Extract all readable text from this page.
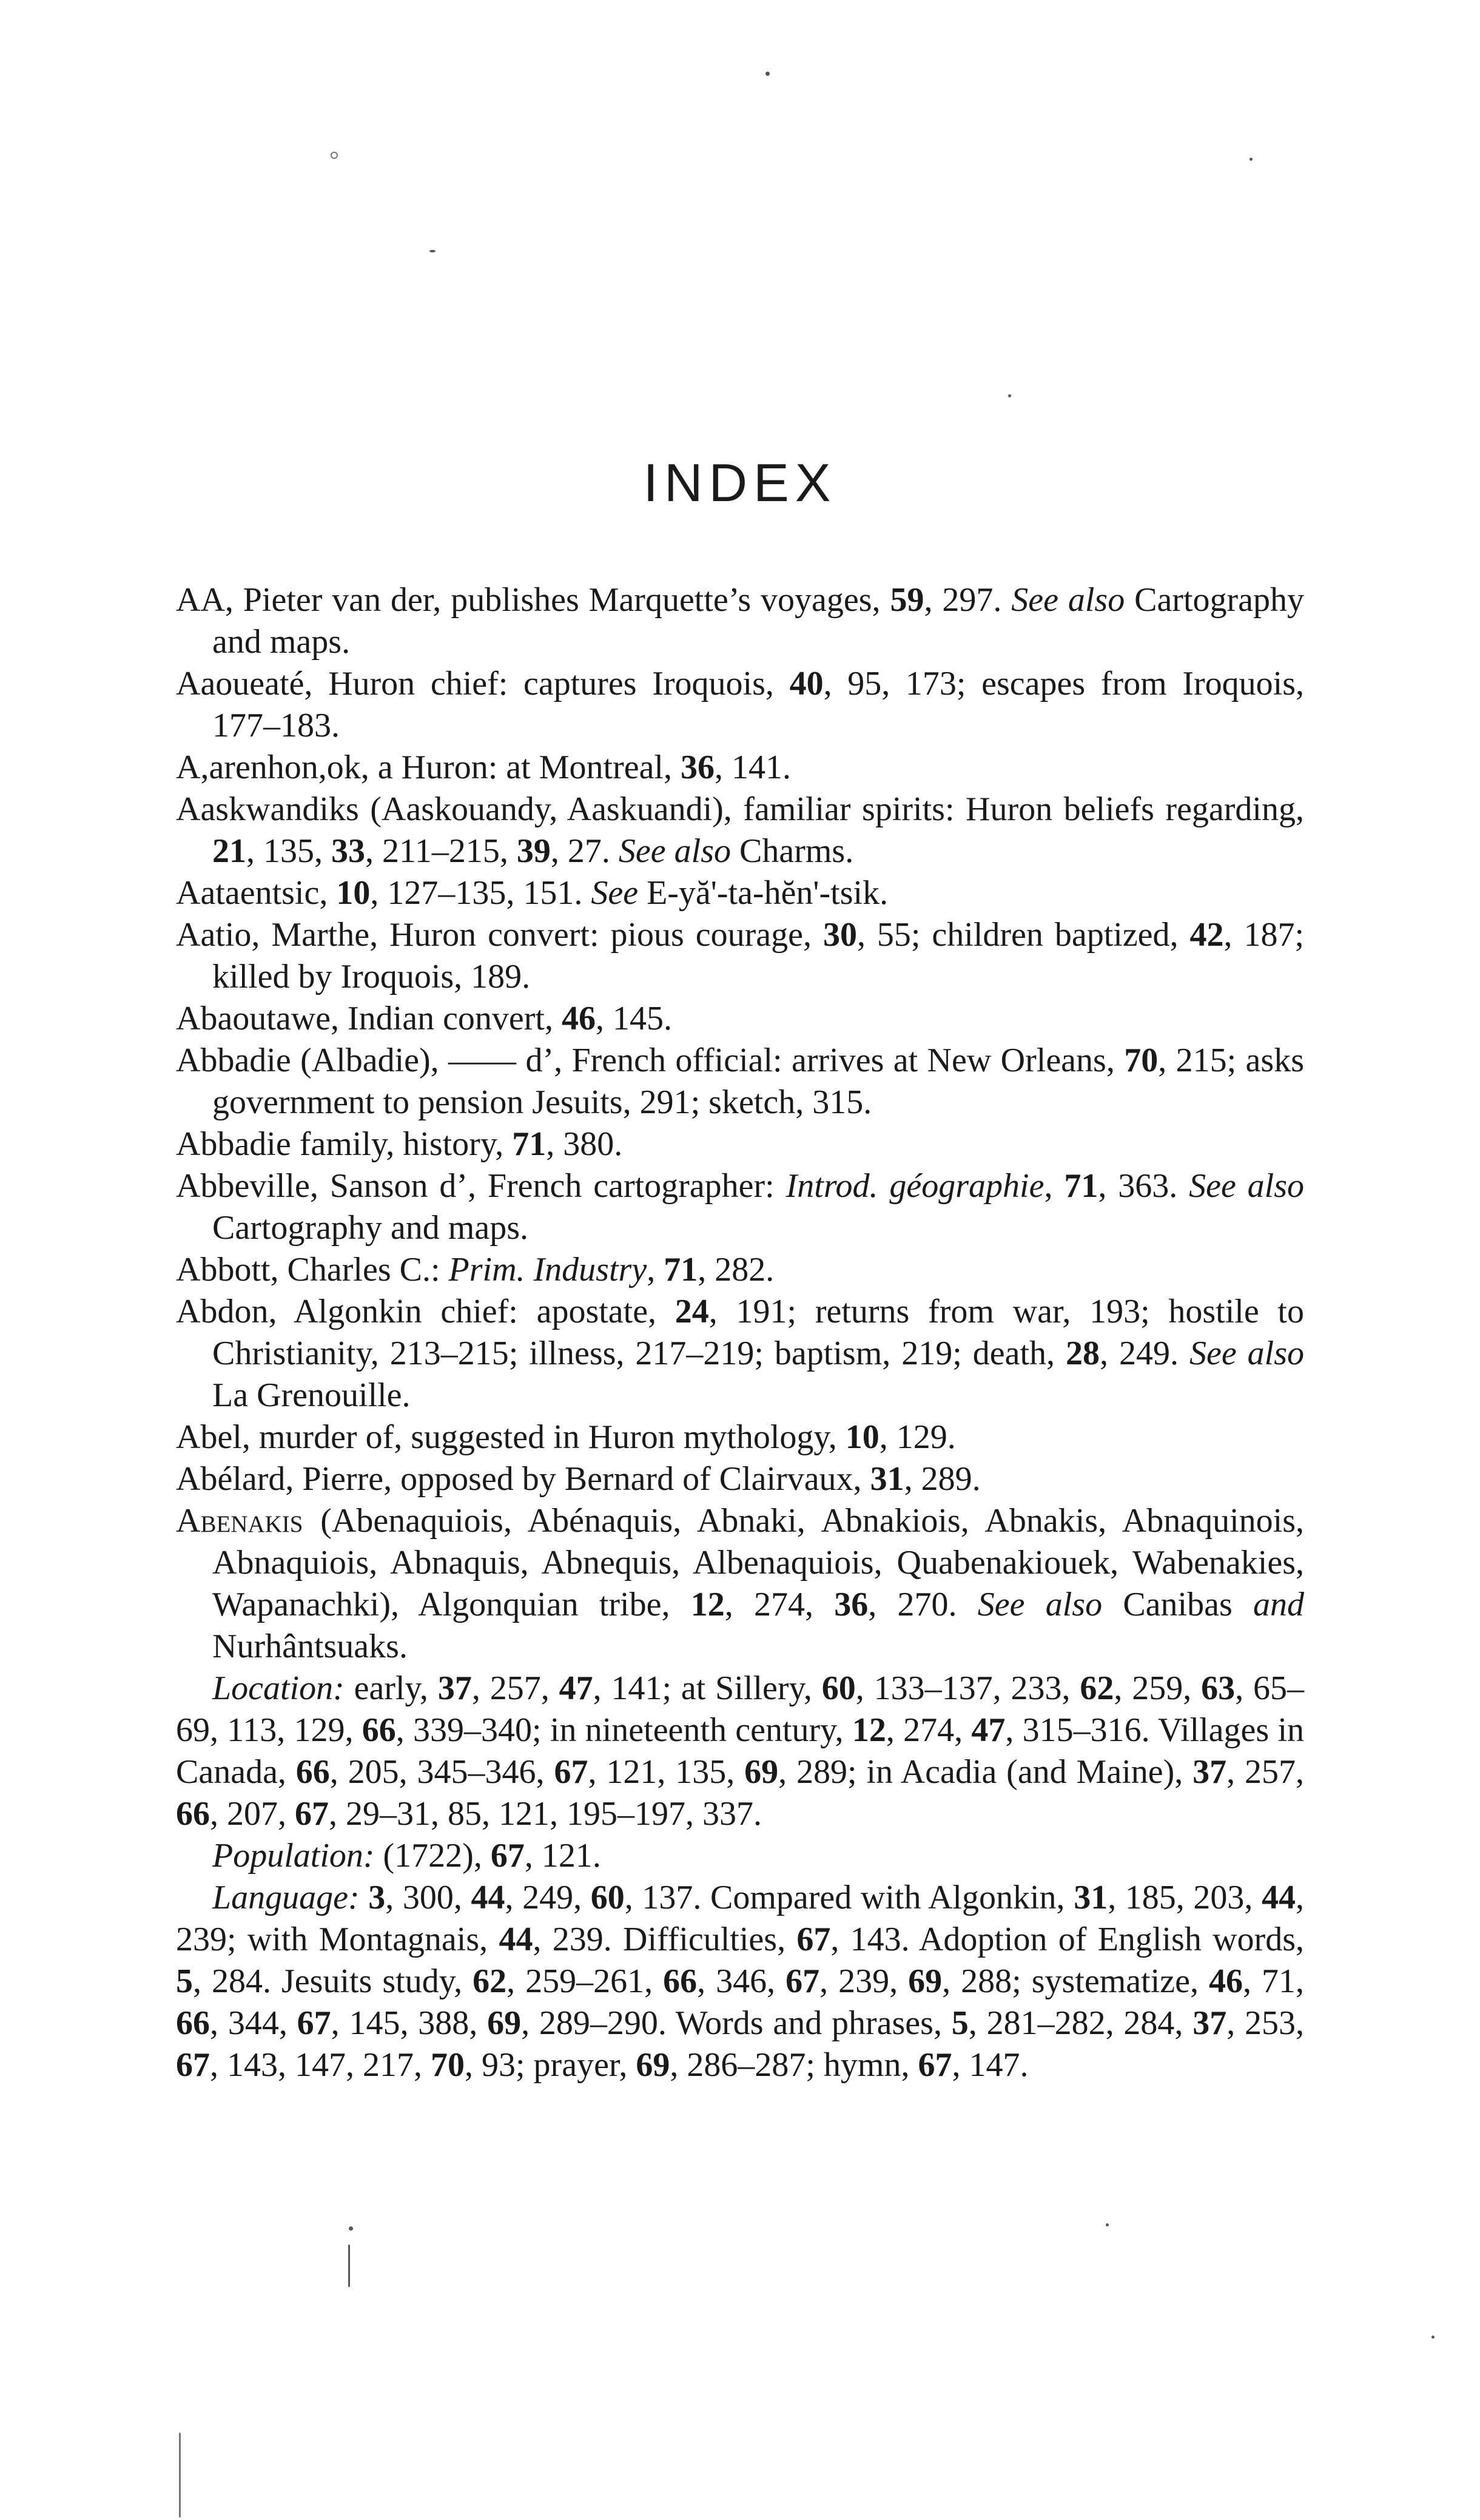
INDEX

AA, Pieter van der, publishes Marquette’s voyages, 59, 297. See also Cartography and maps.

Aaoueaté, Huron chief: captures Iroquois, 40, 95, 173; escapes from Iroquois, 177–183.

A,arenhon,ok, a Huron: at Montreal, 36, 141.

Aaskwandiks (Aaskouandy, Aaskuandi), familiar spirits: Huron beliefs regarding, 21, 135, 33, 211–215, 39, 27. See also Charms.

Aataentsic, 10, 127–135, 151. See E-yă'-ta-hĕn'-tsik.

Aatio, Marthe, Huron convert: pious courage, 30, 55; children baptized, 42, 187; killed by Iroquois, 189.

Abaoutawe, Indian convert, 46, 145.

Abbadie (Albadie), —— d’, French official: arrives at New Orleans, 70, 215; asks government to pension Jesuits, 291; sketch, 315.

Abbadie family, history, 71, 380.

Abbeville, Sanson d’, French cartographer: Introd. géographie, 71, 363. See also Cartography and maps.

Abbott, Charles C.: Prim. Industry, 71, 282.

Abdon, Algonkin chief: apostate, 24, 191; returns from war, 193; hostile to Christianity, 213–215; illness, 217–219; baptism, 219; death, 28, 249. See also La Grenouille.

Abel, murder of, suggested in Huron mythology, 10, 129.

Abélard, Pierre, opposed by Bernard of Clairvaux, 31, 289.

Abenakis (Abenaquiois, Abénaquis, Abnaki, Abnakiois, Abnakis, Abnaquinois, Abnaquiois, Abnaquis, Abnequis, Albenaquiois, Quabenakiouek, Wabenakies, Wapanachki), Algonquian tribe, 12, 274, 36, 270. See also Canibas and Nurhântsuaks.

Location: early, 37, 257, 47, 141; at Sillery, 60, 133–137, 233, 62, 259, 63, 65–69, 113, 129, 66, 339–340; in nineteenth century, 12, 274, 47, 315–316. Villages in Canada, 66, 205, 345–346, 67, 121, 135, 69, 289; in Acadia (and Maine), 37, 257, 66, 207, 67, 29–31, 85, 121, 195–197, 337.

Population: (1722), 67, 121.

Language: 3, 300, 44, 249, 60, 137. Compared with Algonkin, 31, 185, 203, 44, 239; with Montagnais, 44, 239. Difficulties, 67, 143. Adoption of English words, 5, 284. Jesuits study, 62, 259–261, 66, 346, 67, 239, 69, 288; systematize, 46, 71, 66, 344, 67, 145, 388, 69, 289–290. Words and phrases, 5, 281–282, 284, 37, 253, 67, 143, 147, 217, 70, 93; prayer, 69, 286–287; hymn, 67, 147.
